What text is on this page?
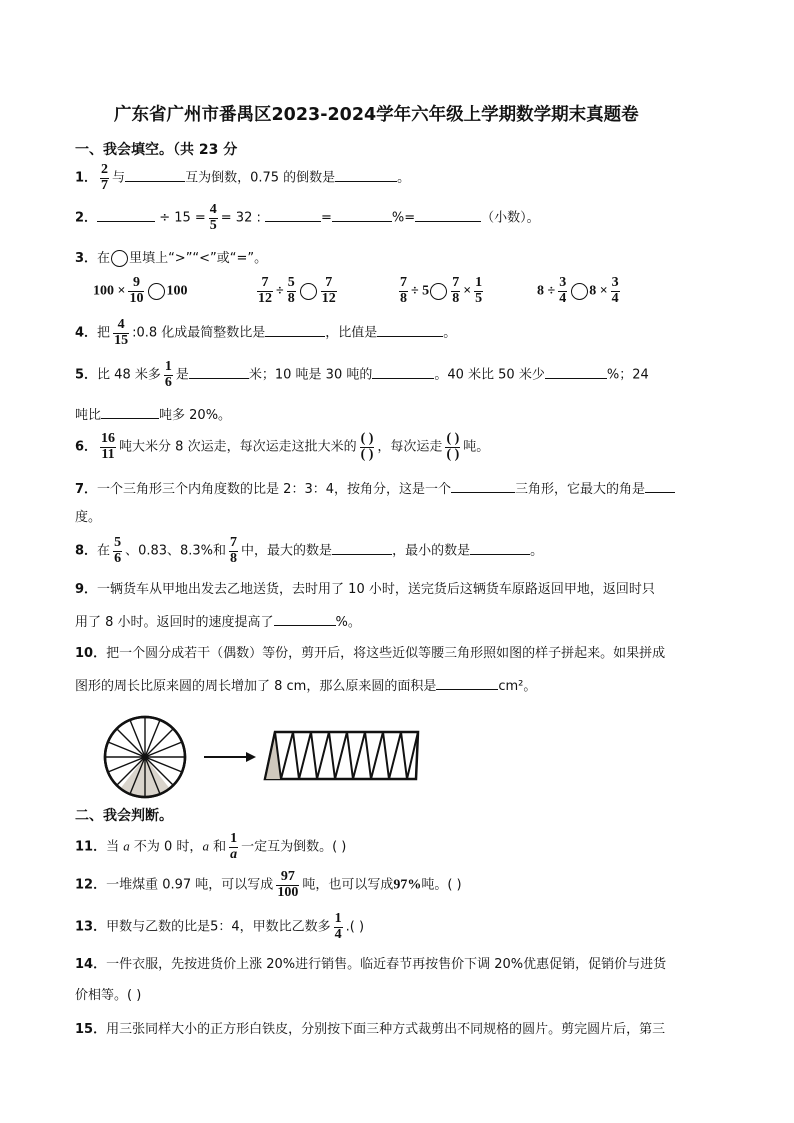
广东省广州市番禺区2023-2024学年六年级上学期数学期末真题卷
一、我会填空。（共 23 分
1． $\frac{2}{7}$ 与	互为倒数，0.75 的倒数是	。
2．	÷ $15 = \frac{4}{5} = 32$ :	=	%=	（小数）。
3．在 里填上“>”“<”或“=”。
$100 \times \frac{9}{10} 100$	$\frac{7}{12} \div \frac{5}{8} \frac{7}{12}$	$\frac{7}{8} \div 5 \frac{7}{8} \times \frac{1}{5}$	$8 \div \frac{3}{4} 8 \times \frac{3}{4}$
4．把 $\frac{4}{15}$ :0.8 化成最简整数比是	，比值是	。
5．比 48 米多 $\frac{1}{6}$ 是	米；10 吨是 30 吨的	。40 米比 50 米少	%；24
吨比	吨多 20%。
6． $\frac{16}{11}$ 吨大米分 8 次运走，每次运走这批大米的 $\frac{( )}{( )}$ ，每次运走 $\frac{( )}{( )}$ 吨。
7．一个三角形三个内角度数的比是 2：3：4，按角分，这是一个	三角形，它最大的角是
度。
8．在 $\frac{5}{6}$ 、0.83、8.3%和 $\frac{7}{8}$ 中，最大的数是	，最小的数是	。
9．一辆货车从甲地出发去乙地送货，去时用了 10 小时，送完货后这辆货车原路返回甲地，返回时只
用了 8 小时。返回时的速度提高了	%。
10．把一个圆分成若干（偶数）等份，剪开后，将这些近似等腰三角形照如图的样子拼起来。如果拼成
图形的周长比原来圆的周长增加了 8 cm，那么原来圆的面积是	cm²。
二、我会判断。
11．当 a 不为 0 时，a 和 $\frac{1}{a}$ 一定互为倒数。( )
12．一堆煤重 0.97 吨，可以写成 $\frac{97}{100}$ 吨，也可以写成97%吨。( )
13．甲数与乙数的比是5：4，甲数比乙数多 $\frac{1}{4}$ .( )
14．一件衣服，先按进货价上涨 20%进行销售。临近春节再按售价下调 20%优惠促销，促销价与进货
价相等。( )
15．用三张同样大小的正方形白铁皮，分别按下面三种方式裁剪出不同规格的圆片。剪完圆片后，第三
